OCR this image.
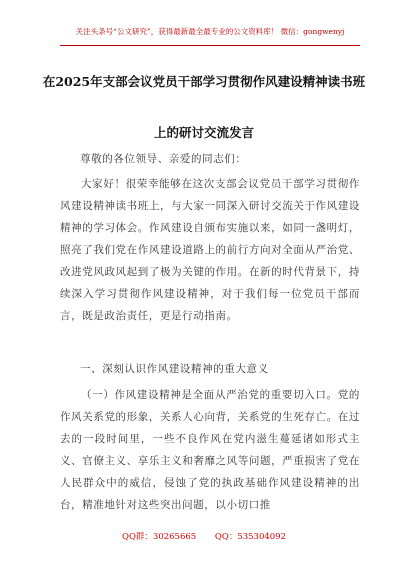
关注头条号“公文研究”，获得最新最全最专业的公文资料库！ 微信：gongwenyj
在2025年支部会议党员干部学习贯彻作风建设精神读书班
上的研讨交流发言
尊敬的各位领导、亲爱的同志们：
大家好！很荣幸能够在这次支部会议党员干部学习贯彻作风建设精神读书班上，与大家一同深入研讨交流关于作风建设精神的学习体会。作风建设自颁布实施以来，如同一盏明灯，照亮了我们党在作风建设道路上的前行方向对全面从严治党、改进党风政风起到了极为关键的作用。在新的时代背景下，持续深入学习贯彻作风建设精神，对于我们每一位党员干部而言，既是政治责任，更是行动指南。
一、深刻认识作风建设精神的重大意义
（一）作风建设精神是全面从严治党的重要切入口。党的作风关系党的形象，关系人心向背，关系党的生死存亡。在过去的一段时间里，一些不良作风在党内滋生蔓延诸如形式主义、官僚主义、享乐主义和奢靡之风等问题，严重损害了党在人民群众中的威信，侵蚀了党的执政基础作风建设精神的出台，精准地针对这些突出问题，以小切口推
QQ群：30265665 QQ：535304092
